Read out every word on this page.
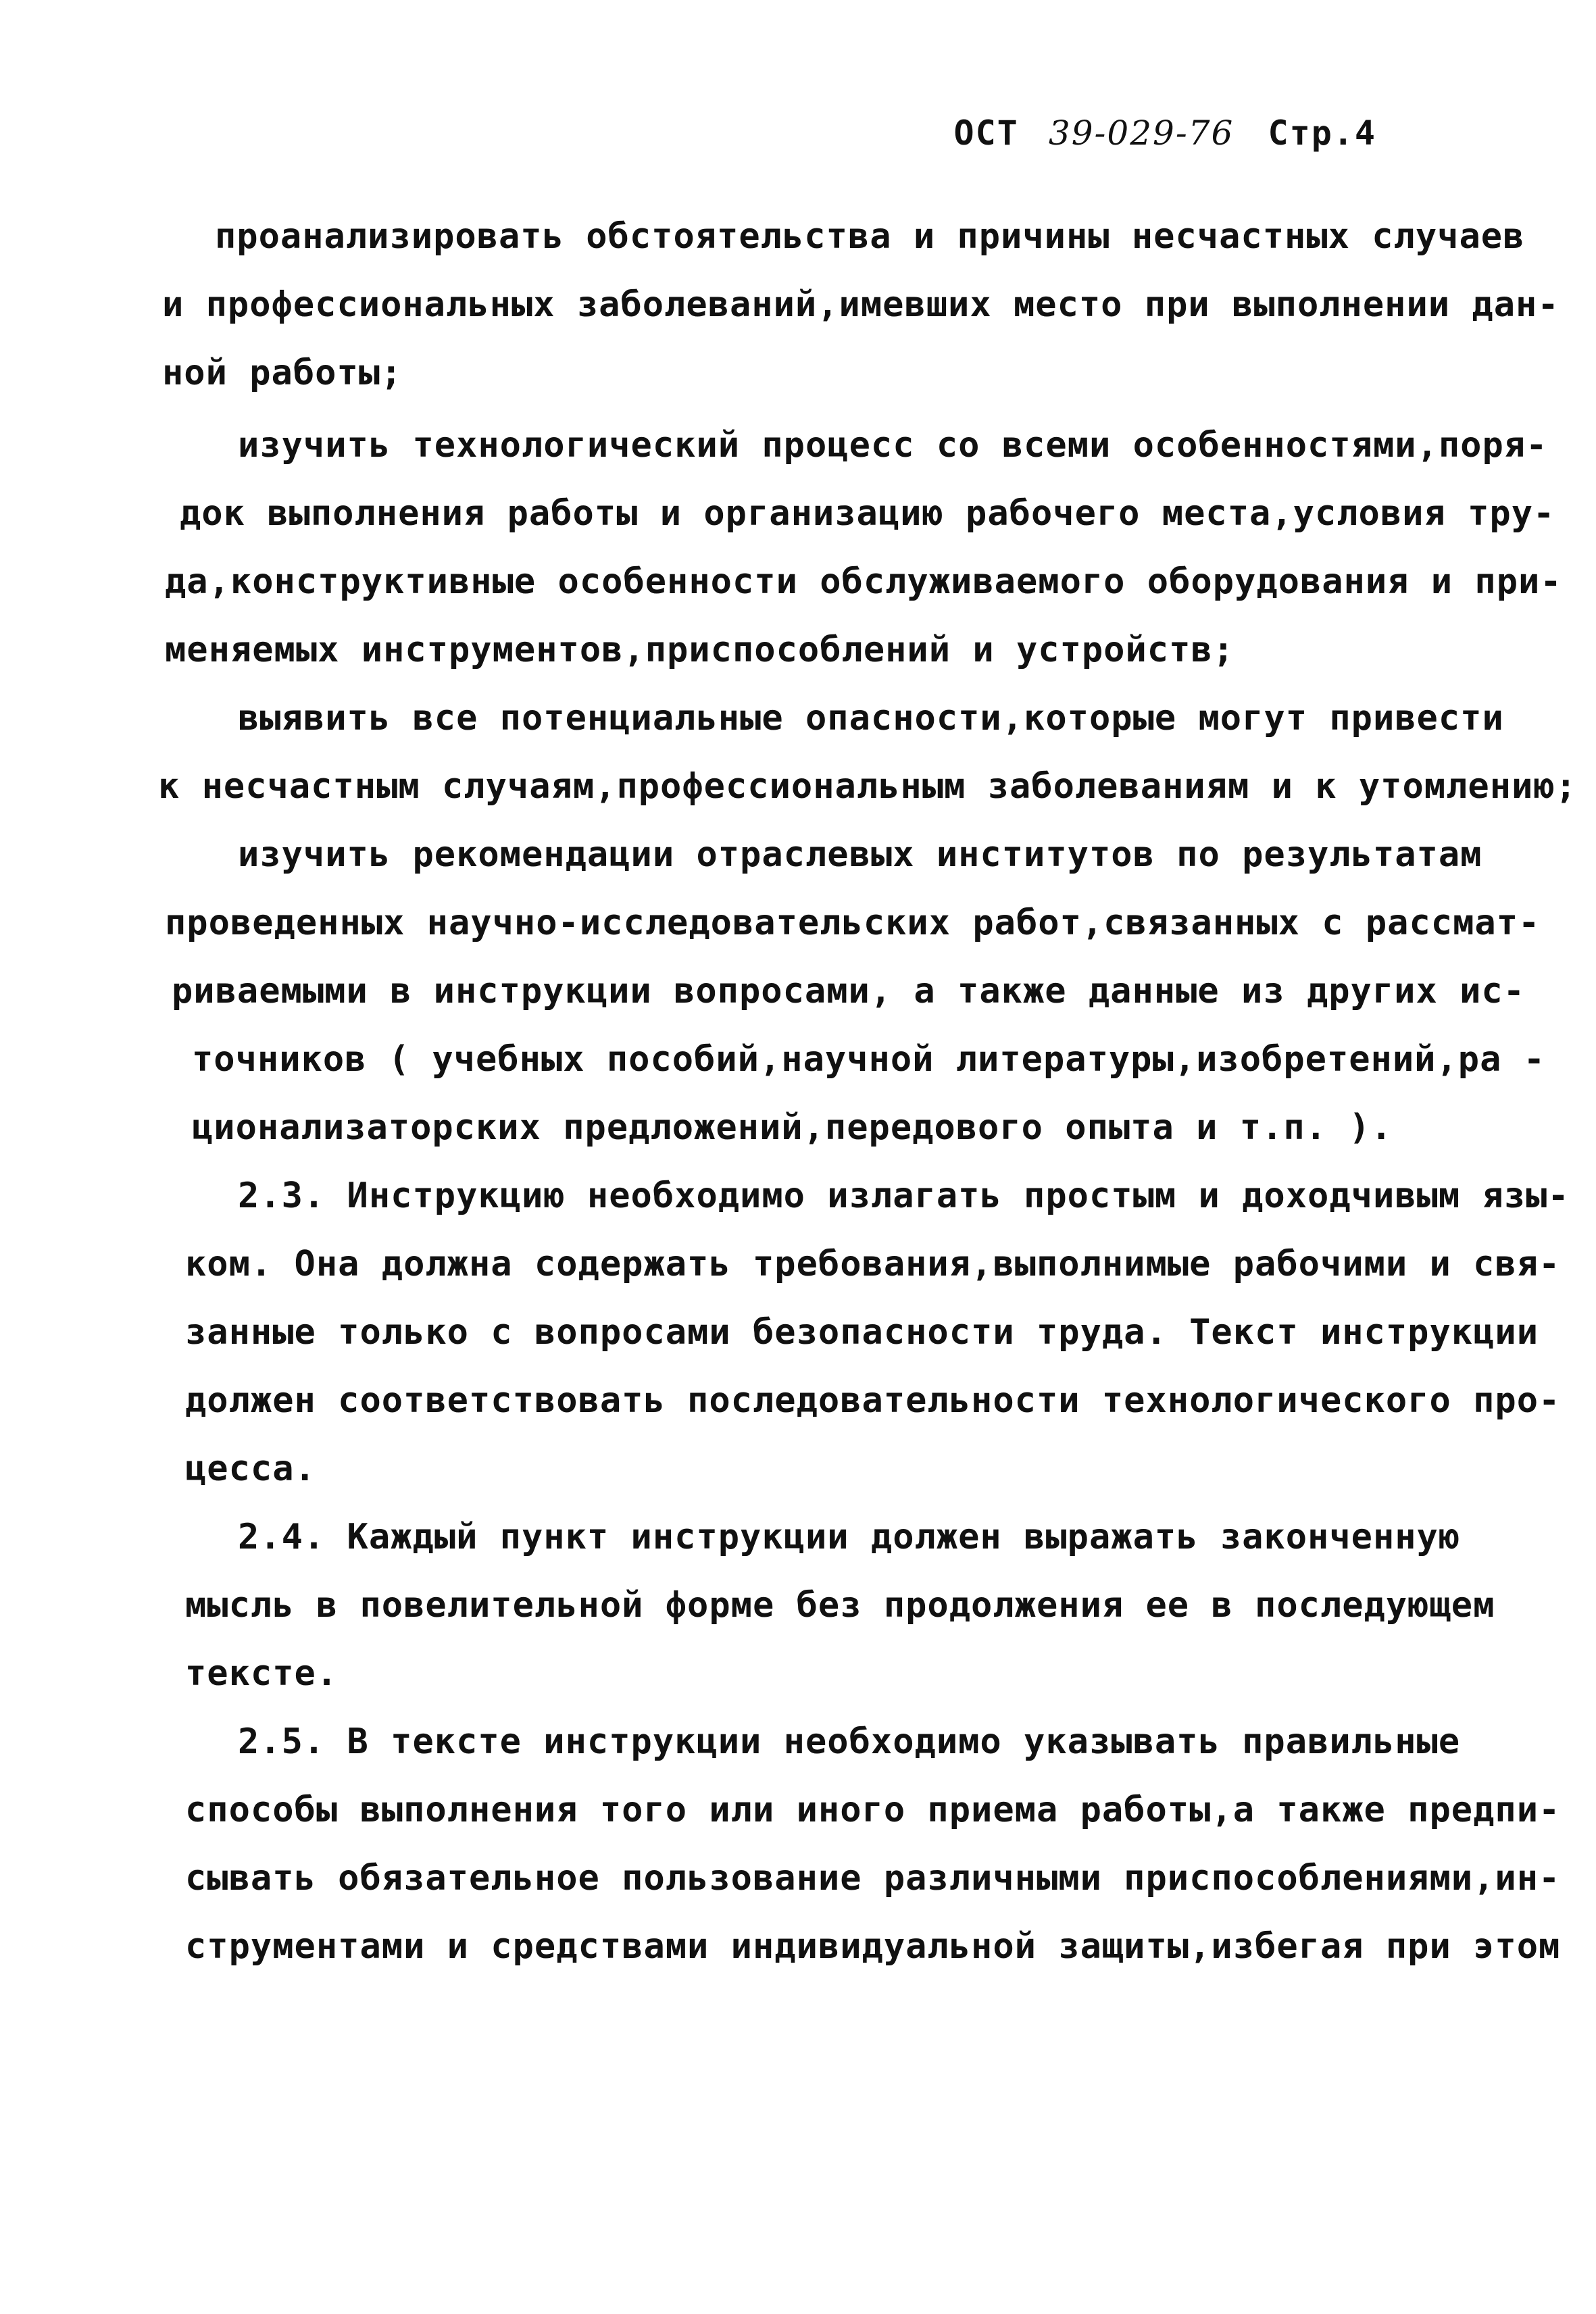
ОСТ 39-029-76 Стр.4
проанализировать обстоятельства и причины несчастных случаев
и профессиональных заболеваний,имевших место при выполнении дан-
ной работы;
изучить технологический процесс со всеми особенностями,поря-
док выполнения работы и организацию рабочего места,условия тру-
да,конструктивные особенности обслуживаемого оборудования и при-
меняемых инструментов,приспособлений и устройств;
выявить все потенциальные опасности,которые могут привести
к несчастным случаям,профессиональным заболеваниям и к утомлению;
изучить рекомендации отраслевых институтов по результатам
проведенных научно-исследовательских работ,связанных с рассмат-
риваемыми в инструкции вопросами, а также данные из других ис-
точников ( учебных пособий,научной литературы,изобретений,ра -
ционализаторских предложений,передового опыта и т.п. ).
2.3. Инструкцию необходимо излагать простым и доходчивым язы-
ком. Она должна содержать требования,выполнимые рабочими и свя-
занные только с вопросами безопасности труда. Текст инструкции
должен соответствовать последовательности технологического про-
цесса.
2.4. Каждый пункт инструкции должен выражать законченную
мысль в повелительной форме без продолжения ее в последующем
тексте.
2.5. В тексте инструкции необходимо указывать правильные
способы выполнения того или иного приема работы,а также предпи-
сывать обязательное пользование различными приспособлениями,ин-
струментами и средствами индивидуальной защиты,избегая при этом
